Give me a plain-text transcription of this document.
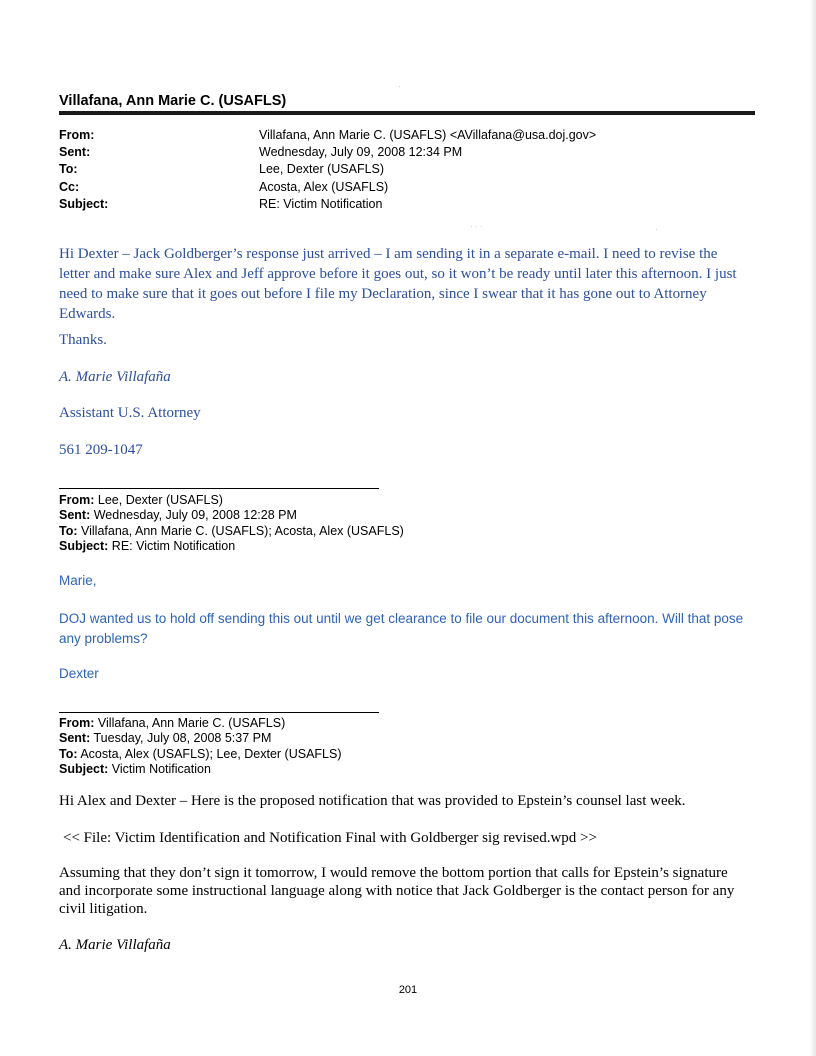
Villafana, Ann Marie C. (USAFLS)
From:	Villafana, Ann Marie C. (USAFLS) <AVillafana@usa.doj.gov>
Sent:	Wednesday, July 09, 2008 12:34 PM
To:	Lee, Dexter (USAFLS)
Cc:	Acosta, Alex (USAFLS)
Subject:	RE: Victim Notification
·
· · ·	·
Hi Dexter – Jack Goldberger’s response just arrived – I am sending it in a separate e-mail. I need to revise the letter and make sure Alex and Jeff approve before it goes out, so it won’t be ready until later this afternoon. I just need to make sure that it goes out before I file my Declaration, since I swear that it has gone out to Attorney Edwards.
Thanks.
A. Marie Villafaña
Assistant U.S. Attorney
561 209-1047
From: Lee, Dexter (USAFLS)
Sent: Wednesday, July 09, 2008 12:28 PM
To: Villafana, Ann Marie C. (USAFLS); Acosta, Alex (USAFLS)
Subject: RE: Victim Notification
Marie,
DOJ wanted us to hold off sending this out until we get clearance to file our document this afternoon. Will that pose any problems?
Dexter
From: Villafana, Ann Marie C. (USAFLS)
Sent: Tuesday, July 08, 2008 5:37 PM
To: Acosta, Alex (USAFLS); Lee, Dexter (USAFLS)
Subject: Victim Notification
Hi Alex and Dexter – Here is the proposed notification that was provided to Epstein’s counsel last week.
<< File: Victim Identification and Notification Final with Goldberger sig revised.wpd >>
Assuming that they don’t sign it tomorrow, I would remove the bottom portion that calls for Epstein’s signature and incorporate some instructional language along with notice that Jack Goldberger is the contact person for any civil litigation.
A. Marie Villafaña
201
